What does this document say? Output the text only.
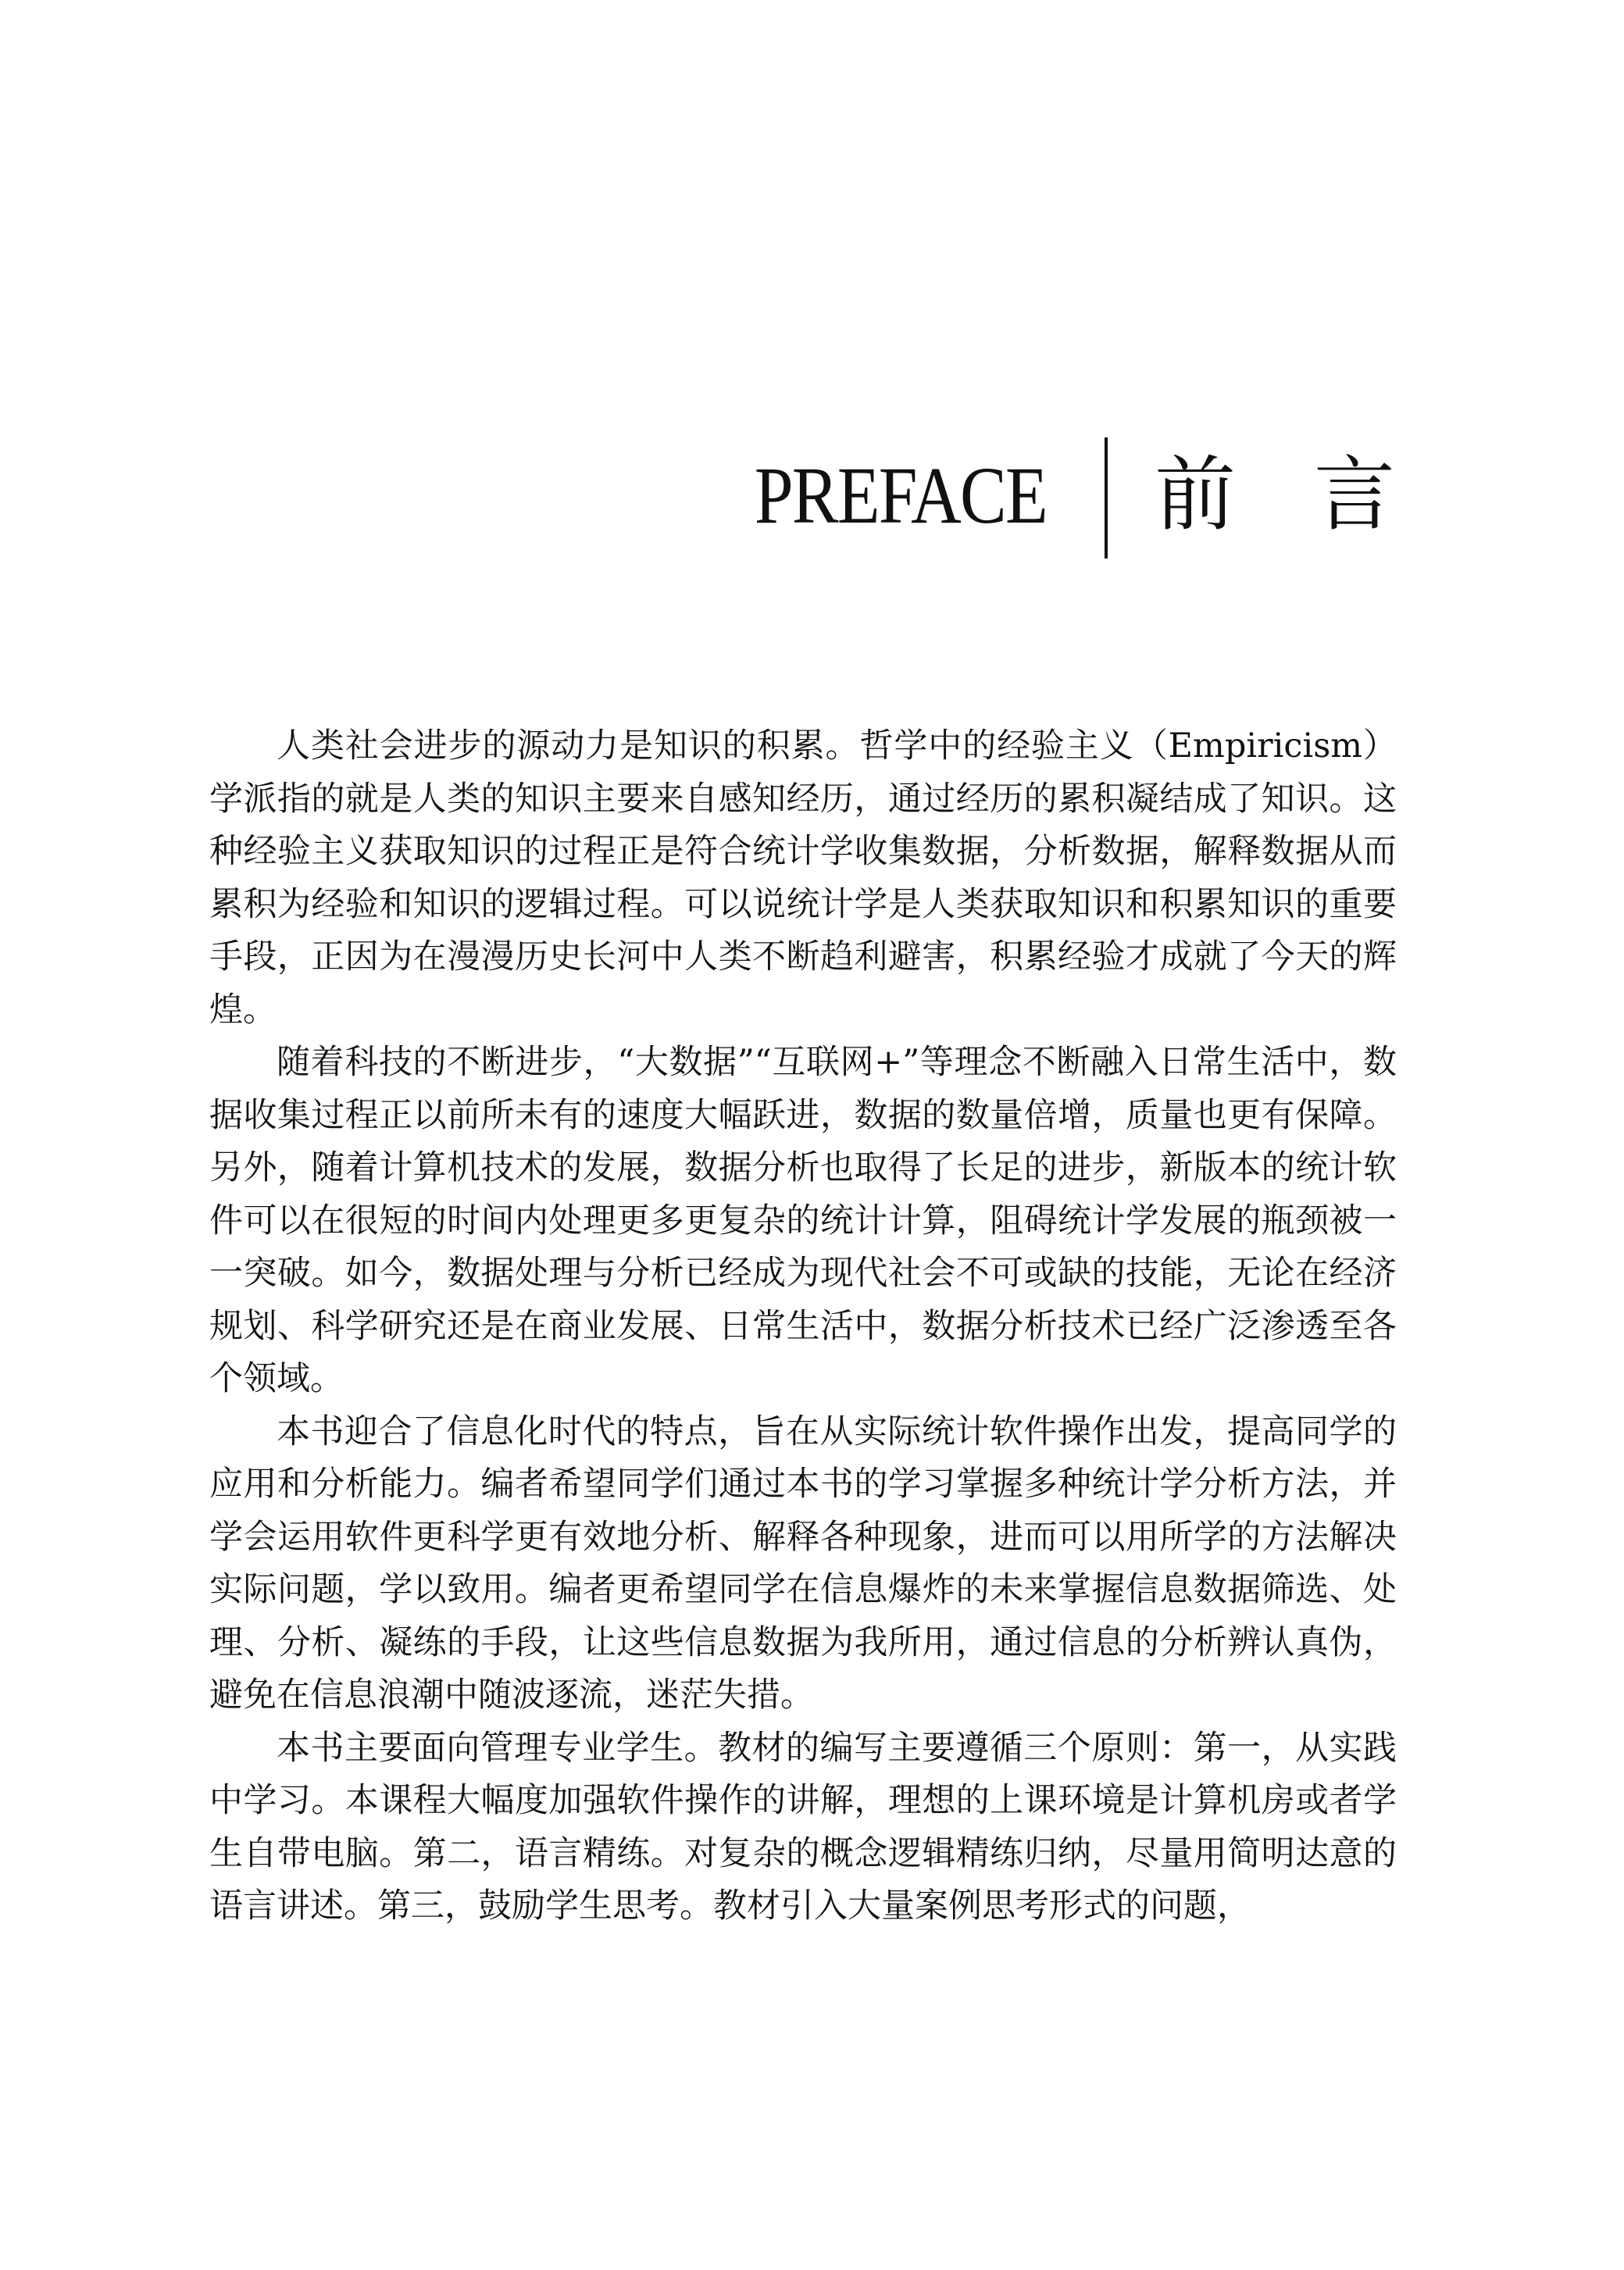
PREFACE 前言

人类社会进步的源动力是知识的积累。哲学中的经验主义（Empiricism）学派指的就是人类的知识主要来自感知经历，通过经历的累积凝结成了知识。这种经验主义获取知识的过程正是符合统计学收集数据，分析数据，解释数据从而累积为经验和知识的逻辑过程。可以说统计学是人类获取知识和积累知识的重要手段，正因为在漫漫历史长河中人类不断趋利避害，积累经验才成就了今天的辉煌。

随着科技的不断进步，“大数据”“互联网+”等理念不断融入日常生活中，数据收集过程正以前所未有的速度大幅跃进，数据的数量倍增，质量也更有保障。另外，随着计算机技术的发展，数据分析也取得了长足的进步，新版本的统计软件可以在很短的时间内处理更多更复杂的统计计算，阻碍统计学发展的瓶颈被一一突破。如今，数据处理与分析已经成为现代社会不可或缺的技能，无论在经济规划、科学研究还是在商业发展、日常生活中，数据分析技术已经广泛渗透至各个领域。

本书迎合了信息化时代的特点，旨在从实际统计软件操作出发，提高同学的应用和分析能力。编者希望同学们通过本书的学习掌握多种统计学分析方法，并学会运用软件更科学更有效地分析、解释各种现象，进而可以用所学的方法解决实际问题，学以致用。编者更希望同学在信息爆炸的未来掌握信息数据筛选、处理、分析、凝练的手段，让这些信息数据为我所用，通过信息的分析辨认真伪，避免在信息浪潮中随波逐流，迷茫失措。

本书主要面向管理专业学生。教材的编写主要遵循三个原则：第一，从实践中学习。本课程大幅度加强软件操作的讲解，理想的上课环境是计算机房或者学生自带电脑。第二，语言精练。对复杂的概念逻辑精练归纳，尽量用简明达意的语言讲述。第三，鼓励学生思考。教材引入大量案例思考形式的问题，
